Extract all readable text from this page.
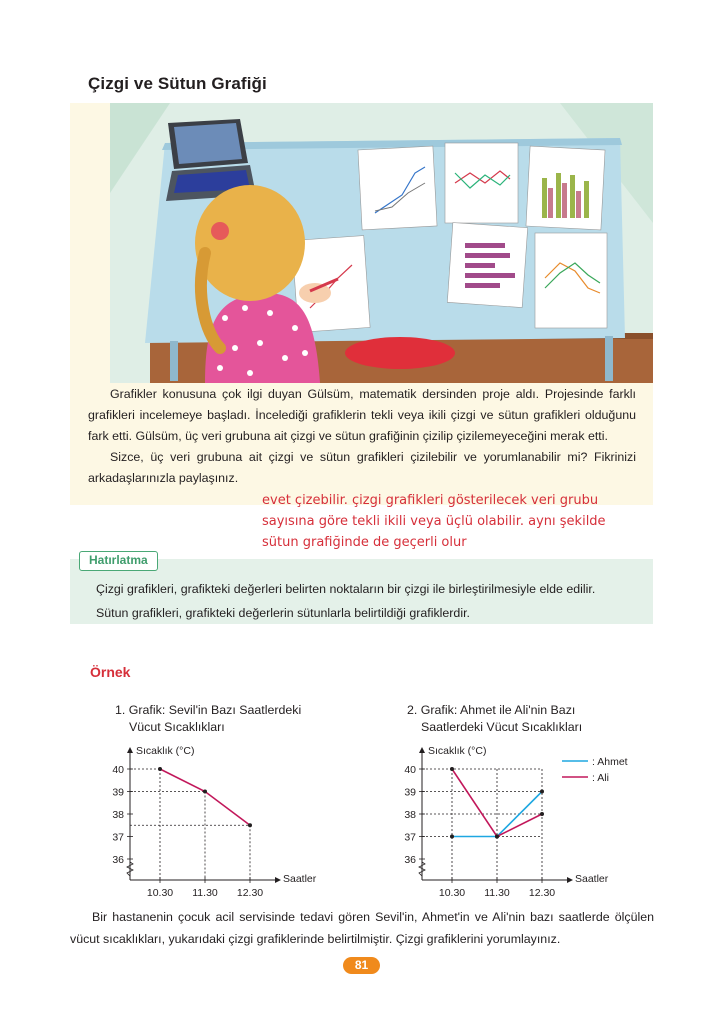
Çizgi ve Sütun Grafiği

Grafikler konusuna çok ilgi duyan Gülsüm, matematik dersinden proje aldı. Projesinde farklı grafikleri incelemeye başladı. İncelediği grafiklerin tekli veya ikili çizgi ve sütun grafikleri olduğunu fark etti. Gülsüm, üç veri grubuna ait çizgi ve sütun grafiğinin çizilip çizilemeyeceğini merak etti.

Sizce, üç veri grubuna ait çizgi ve sütun grafikleri çizilebilir ve yorumlanabilir mi? Fikrinizi arkadaşlarınızla paylaşınız.

evet çizebilir. çizgi grafikleri gösterilecek veri grubu sayısına göre tekli ikili veya üçlü olabilir. aynı şekilde sütun grafiğinde de geçerli olur
Hatırlatma
Çizgi grafikleri, grafikteki değerleri belirten noktaların bir çizgi ile birleştirilmesiyle elde edilir.
Sütun grafikleri, grafikteki değerlerin sütunlarla belirtildiği grafiklerdir.
Örnek
1. Grafik: Sevil'in Bazı Saatlerdeki
Vücut Sıcaklıkları
2. Grafik: Ahmet ile Ali'nin Bazı
Saatlerdeki Vücut Sıcaklıkları
Sıcaklık (°C)
Saatler
40
39
38
37
36
10.30 11.30 12.30
Sıcaklık (°C)
Saatler
40
39
38
37
36
10.30 11.30 12.30
: Ahmet
: Ali
Bir hastanenin çocuk acil servisinde tedavi gören Sevil'in, Ahmet'in ve Ali'nin bazı saatlerde ölçülen vücut sıcaklıkları, yukarıdaki çizgi grafiklerinde belirtilmiştir. Çizgi grafiklerini yorumlayınız.
81
